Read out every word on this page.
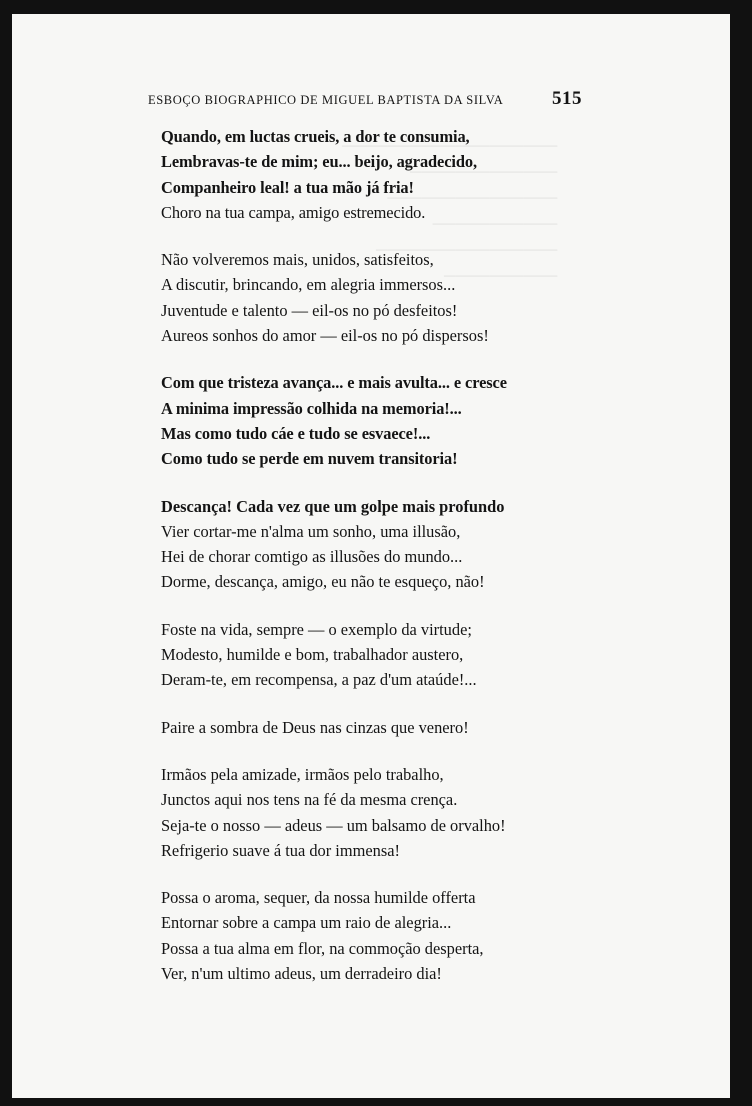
───────────────────
─────────────
───────────────
───────────
────────────────
──────────
ESBOÇO BIOGRAPHICO DE MIGUEL BAPTISTA DA SILVA	515
Quando, em luctas crueis, a dor te consumia,
Lembravas-te de mim; eu... beijo, agradecido,
Companheiro leal! a tua mão já fria!
Choro na tua campa, amigo estremecido.
Não volveremos mais, unidos, satisfeitos,
A discutir, brincando, em alegria immersos...
Juventude e talento — eil-os no pó desfeitos!
Aureos sonhos do amor — eil-os no pó dispersos!
Com que tristeza avança... e mais avulta... e cresce
A minima impressão colhida na memoria!...
Mas como tudo cáe e tudo se esvaece!...
Como tudo se perde em nuvem transitoria!
Descança! Cada vez que um golpe mais profundo
Vier cortar-me n'alma um sonho, uma illusão,
Hei de chorar comtigo as illusões do mundo...
Dorme, descança, amigo, eu não te esqueço, não!
Foste na vida, sempre — o exemplo da virtude;
Modesto, humilde e bom, trabalhador austero,
Deram-te, em recompensa, a paz d'um ataúde!...
Paire a sombra de Deus nas cinzas que venero!
Irmãos pela amizade, irmãos pelo trabalho,
Junctos aqui nos tens na fé da mesma crença.
Seja-te o nosso — adeus — um balsamo de orvalho!
Refrigerio suave á tua dor immensa!
Possa o aroma, sequer, da nossa humilde offerta
Entornar sobre a campa um raio de alegria...
Possa a tua alma em flor, na commoção desperta,
Ver, n'um ultimo adeus, um derradeiro dia!
